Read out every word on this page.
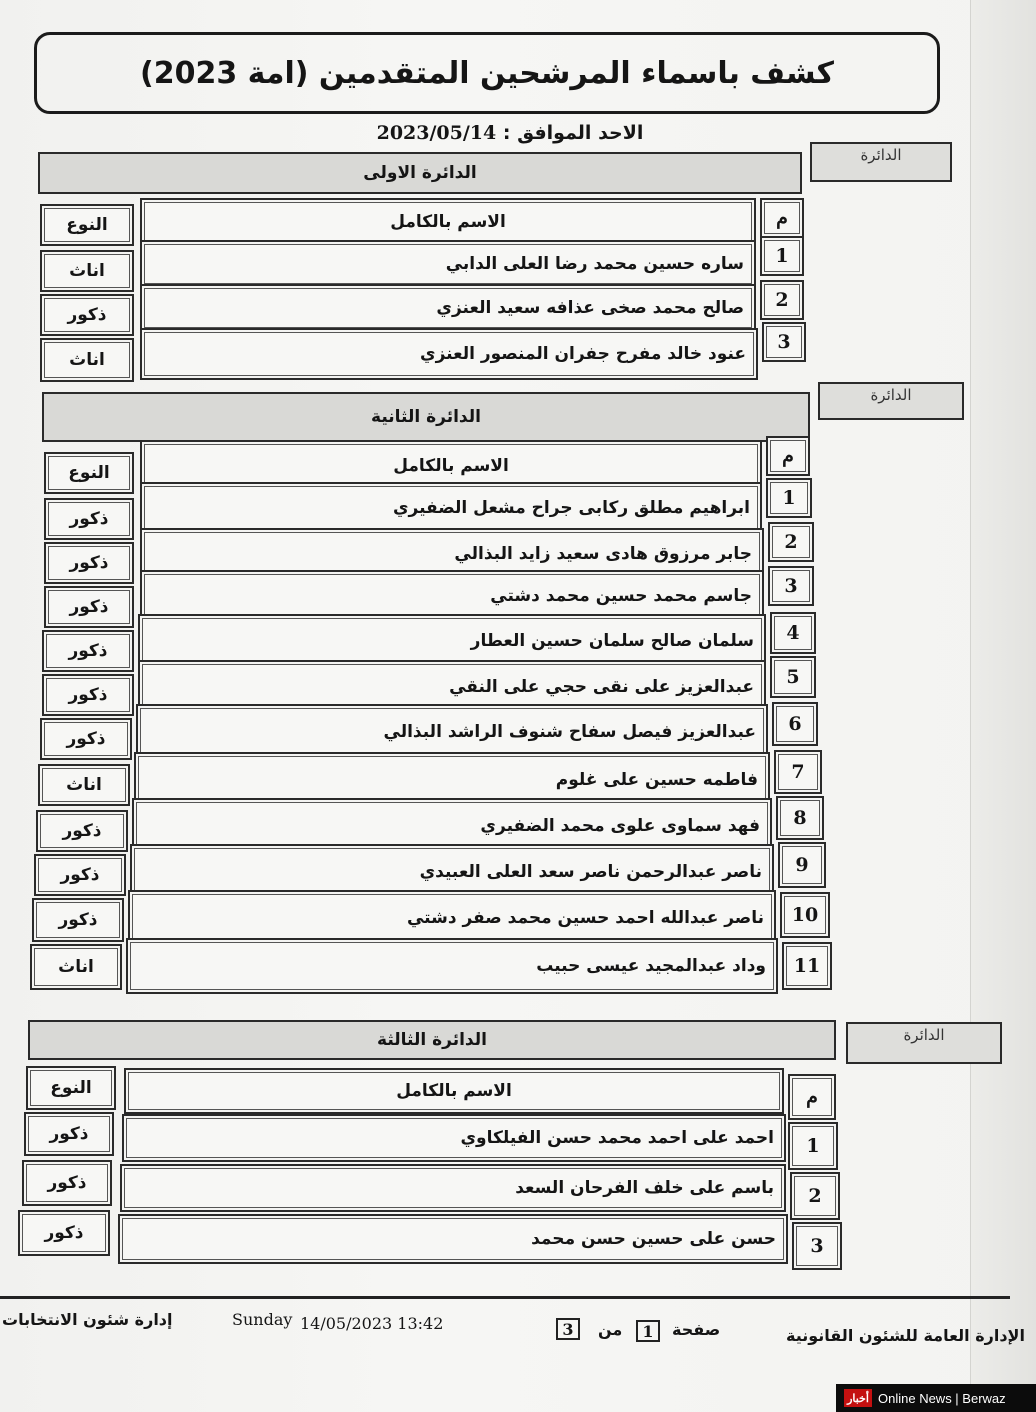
كشف باسماء المرشحين المتقدمين (امة 2023)
الاحد الموافق : 2023/05/14
الدائرة
الدائرة الاولى
م
الاسم بالكامل
النوع
1
ساره حسين محمد رضا العلى الدابي
اناث
2
صالح محمد صخى عذافه سعيد العنزي
ذكور
3
عنود خالد مفرح جفران المنصور العنزي
اناث
الدائرة
الدائرة الثانية
م
الاسم بالكامل
النوع
1
ابراهيم مطلق ركابى جراح مشعل الضفيري
ذكور
2
جابر مرزوق هادى سعيد زايد البذالي
ذكور
3
جاسم محمد حسين محمد دشتي
ذكور
4
سلمان صالح سلمان حسين العطار
ذكور
5
عبدالعزيز على نقى حجي على النقي
ذكور
6
عبدالعزيز فيصل سفاح شنوف الراشد البذالي
ذكور
7
فاطمه حسين على غلوم
اناث
8
فهد سماوى علوى محمد الضفيري
ذكور
9
ناصر عبدالرحمن ناصر سعد العلى العبيدي
ذكور
10
ناصر عبدالله احمد حسين محمد صفر دشتي
ذكور
11
وداد عبدالمجيد عيسى حبيب
اناث
الدائرة
الدائرة الثالثة
م
الاسم بالكامل
النوع
1
احمد على احمد محمد حسن الفيلكاوي
ذكور
2
باسم على خلف الفرحان السعد
ذكور
3
حسن على حسين حسن محمد
ذكور
الإدارة العامة للشئون القانونية
صفحة
1
من
3
14/05/2023 13:42
Sunday
إدارة شئون الانتخابات
أخبار Online News | Berwaz
